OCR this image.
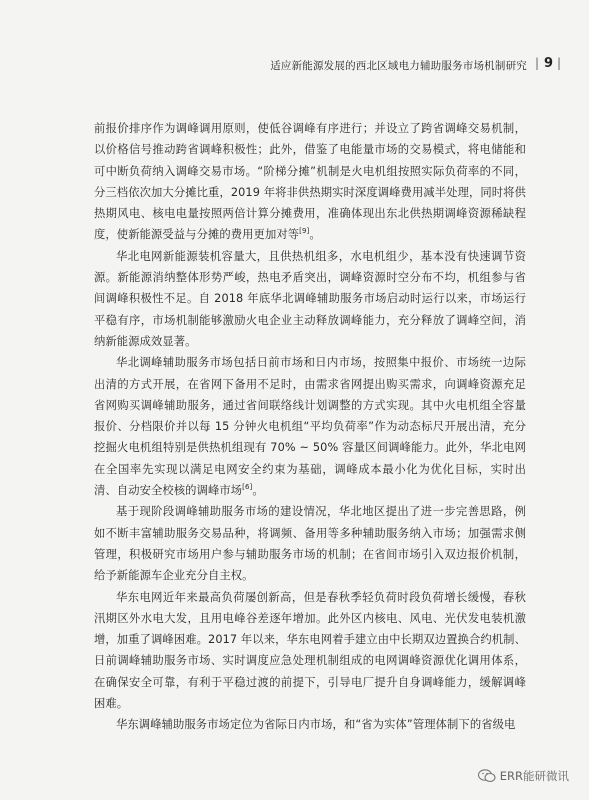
适应新能源发展的西北区域电力辅助服务市场机制研究 | 9 |

前报价排序作为调峰调用原则，使低谷调峰有序进行；并设立了跨省调峰交易机制，以价格信号推动跨省调峰积极性；此外，借鉴了电能量市场的交易模式，将电储能和可中断负荷纳入调峰交易市场。“阶梯分摊”机制是火电机组按照实际负荷率的不同，分三档依次加大分摊比重，2019 年将非供热期实时深度调峰费用减半处理，同时将供热期风电、核电电量按照两倍计算分摊费用，准确体现出东北供热期调峰资源稀缺程度，使新能源受益与分摊的费用更加对等[9]。

华北电网新能源装机容量大，且供热机组多，水电机组少，基本没有快速调节资源。新能源消纳整体形势严峻，热电矛盾突出，调峰资源时空分布不均，机组参与省间调峰积极性不足。自 2018 年底华北调峰辅助服务市场启动时运行以来，市场运行平稳有序，市场机制能够激励火电企业主动释放调峰能力，充分释放了调峰空间，消纳新能源成效显著。

华北调峰辅助服务市场包括日前市场和日内市场，按照集中报价、市场统一边际出清的方式开展，在省网下备用不足时，由需求省网提出购买需求，向调峰资源充足省网购买调峰辅助服务，通过省间联络线计划调整的方式实现。其中火电机组全容量报价、分档限价并以每 15 分钟火电机组“平均负荷率”作为动态标尺开展出清，充分挖掘火电机组特别是供热机组现有 70% ~ 50% 容量区间调峰能力。此外，华北电网在全国率先实现以满足电网安全约束为基础，调峰成本最小化为优化目标，实时出清、自动安全校核的调峰市场[6]。

基于现阶段调峰辅助服务市场的建设情况，华北地区提出了进一步完善思路，例如不断丰富辅助服务交易品种，将调频、备用等多种辅助服务纳入市场；加强需求侧管理，积极研究市场用户参与辅助服务市场的机制；在省间市场引入双边报价机制，给予新能源车企业充分自主权。

华东电网近年来最高负荷屡创新高，但是春秋季轻负荷时段负荷增长缓慢，春秋汛期区外水电大发，且用电峰谷差逐年增加。此外区内核电、风电、光伏发电装机激增，加重了调峰困难。2017 年以来，华东电网着手建立由中长期双边置换合约机制、日前调峰辅助服务市场、实时调度应急处理机制组成的电网调峰资源优化调用体系，在确保安全可靠，有利于平稳过渡的前提下，引导电厂提升自身调峰能力，缓解调峰困难。

华东调峰辅助服务市场定位为省际日内市场，和“省为实体”管理体制下的省级电

ERR能研微讯
